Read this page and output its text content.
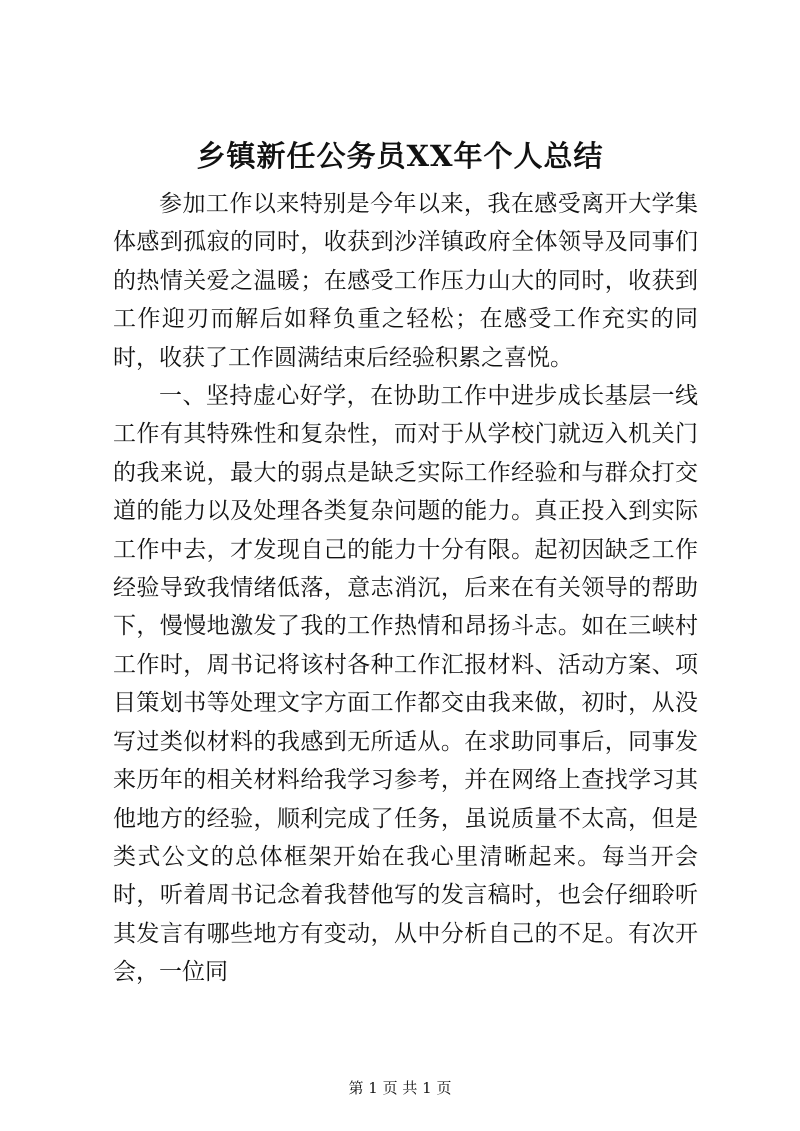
乡镇新任公务员XX年个人总结

参加工作以来特别是今年以来，我在感受离开大学集体感到孤寂的同时，收获到沙洋镇政府全体领导及同事们的热情关爱之温暖；在感受工作压力山大的同时，收获到工作迎刃而解后如释负重之轻松；在感受工作充实的同时，收获了工作圆满结束后经验积累之喜悦。

一、坚持虚心好学，在协助工作中进步成长基层一线工作有其特殊性和复杂性，而对于从学校门就迈入机关门的我来说，最大的弱点是缺乏实际工作经验和与群众打交道的能力以及处理各类复杂问题的能力。真正投入到实际工作中去，才发现自己的能力十分有限。起初因缺乏工作经验导致我情绪低落，意志消沉，后来在有关领导的帮助下，慢慢地激发了我的工作热情和昂扬斗志。如在三峡村工作时，周书记将该村各种工作汇报材料、活动方案、项目策划书等处理文字方面工作都交由我来做，初时，从没写过类似材料的我感到无所适从。在求助同事后，同事发来历年的相关材料给我学习参考，并在网络上查找学习其他地方的经验，顺利完成了任务，虽说质量不太高，但是类式公文的总体框架开始在我心里清晰起来。每当开会时，听着周书记念着我替他写的发言稿时，也会仔细聆听其发言有哪些地方有变动，从中分析自己的不足。有次开会，一位同

第 1 页 共 1 页
